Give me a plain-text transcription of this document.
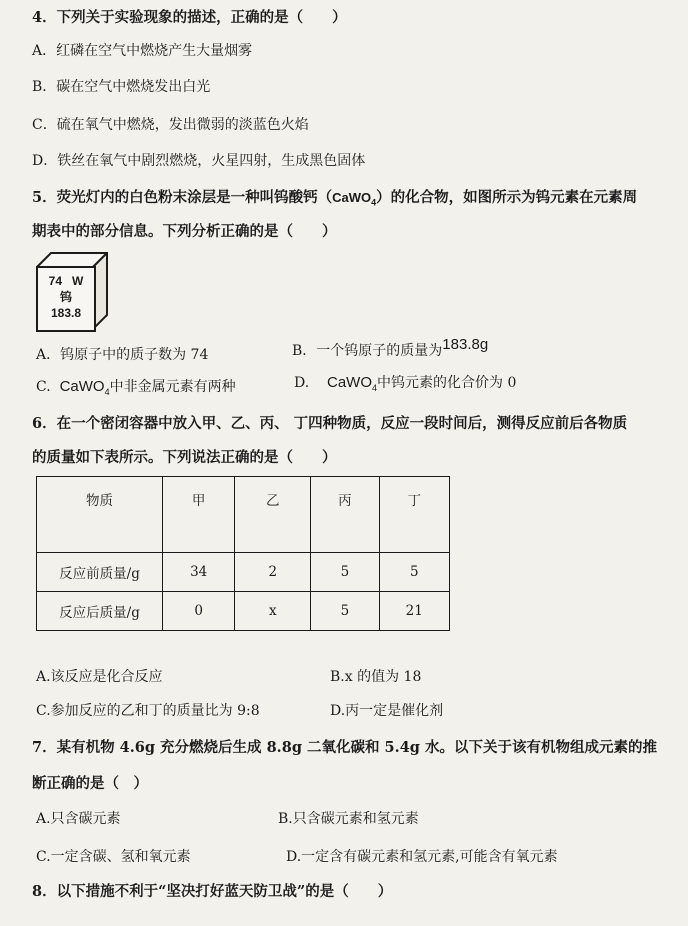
4．下列关于实验现象的描述，正确的是（　　）
A．红磷在空气中燃烧产生大量烟雾
B．碳在空气中燃烧发出白光
C．硫在氧气中燃烧，发出微弱的淡蓝色火焰
D．铁丝在氧气中剧烈燃烧，火星四射，生成黑色固体
5．荧光灯内的白色粉末涂层是一种叫钨酸钙（CaWO$_4$）的化合物，如图所示为钨元素在元素周
期表中的部分信息。下列分析正确的是（　　）
74 W
钨
183.8
A．钨原子中的质子数为 74	B．一个钨原子的质量为183.8g
C. CaWO$_4$中非金属元素有两种	D. CaWO$_4$中钨元素的化合价为 0
6．在一个密闭容器中放入甲、乙、丙、 丁四种物质，反应一段时间后，测得反应前后各物质
的质量如下表所示。下列说法正确的是（　　）
物质	甲	乙	丙	丁
反应前质量/g	34	2	5	5
反应后质量/g	0	x	5	21
A.该反应是化合反应	B.x 的值为 18
C.参加反应的乙和丁的质量比为 9:8	D.丙一定是催化剂
7．某有机物 4.6g 充分燃烧后生成 8.8g 二氧化碳和 5.4g 水。以下关于该有机物组成元素的推
断正确的是（　）
A.只含碳元素	B.只含碳元素和氢元素
C.一定含碳、氢和氧元素	D.一定含有碳元素和氢元素,可能含有氧元素
8．以下措施不利于“坚决打好蓝天防卫战”的是（　　）
